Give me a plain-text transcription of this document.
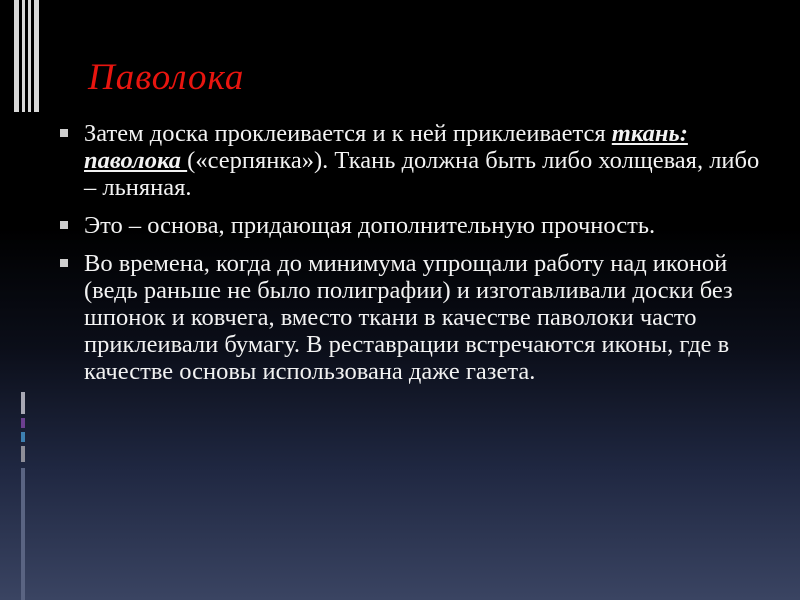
Паволока
Затем доска проклеивается и к ней приклеивается ткань: паволока («серпянка»). Ткань должна быть либо холщевая, либо – льняная.
Это – основа, придающая дополнительную прочность.
Во времена, когда до минимума упрощали работу над иконой (ведь раньше не было полиграфии) и изготавливали доски без шпонок и ковчега, вместо ткани в качестве паволоки часто приклеивали бумагу. В реставрации встречаются иконы, где в качестве основы использована даже газета.
